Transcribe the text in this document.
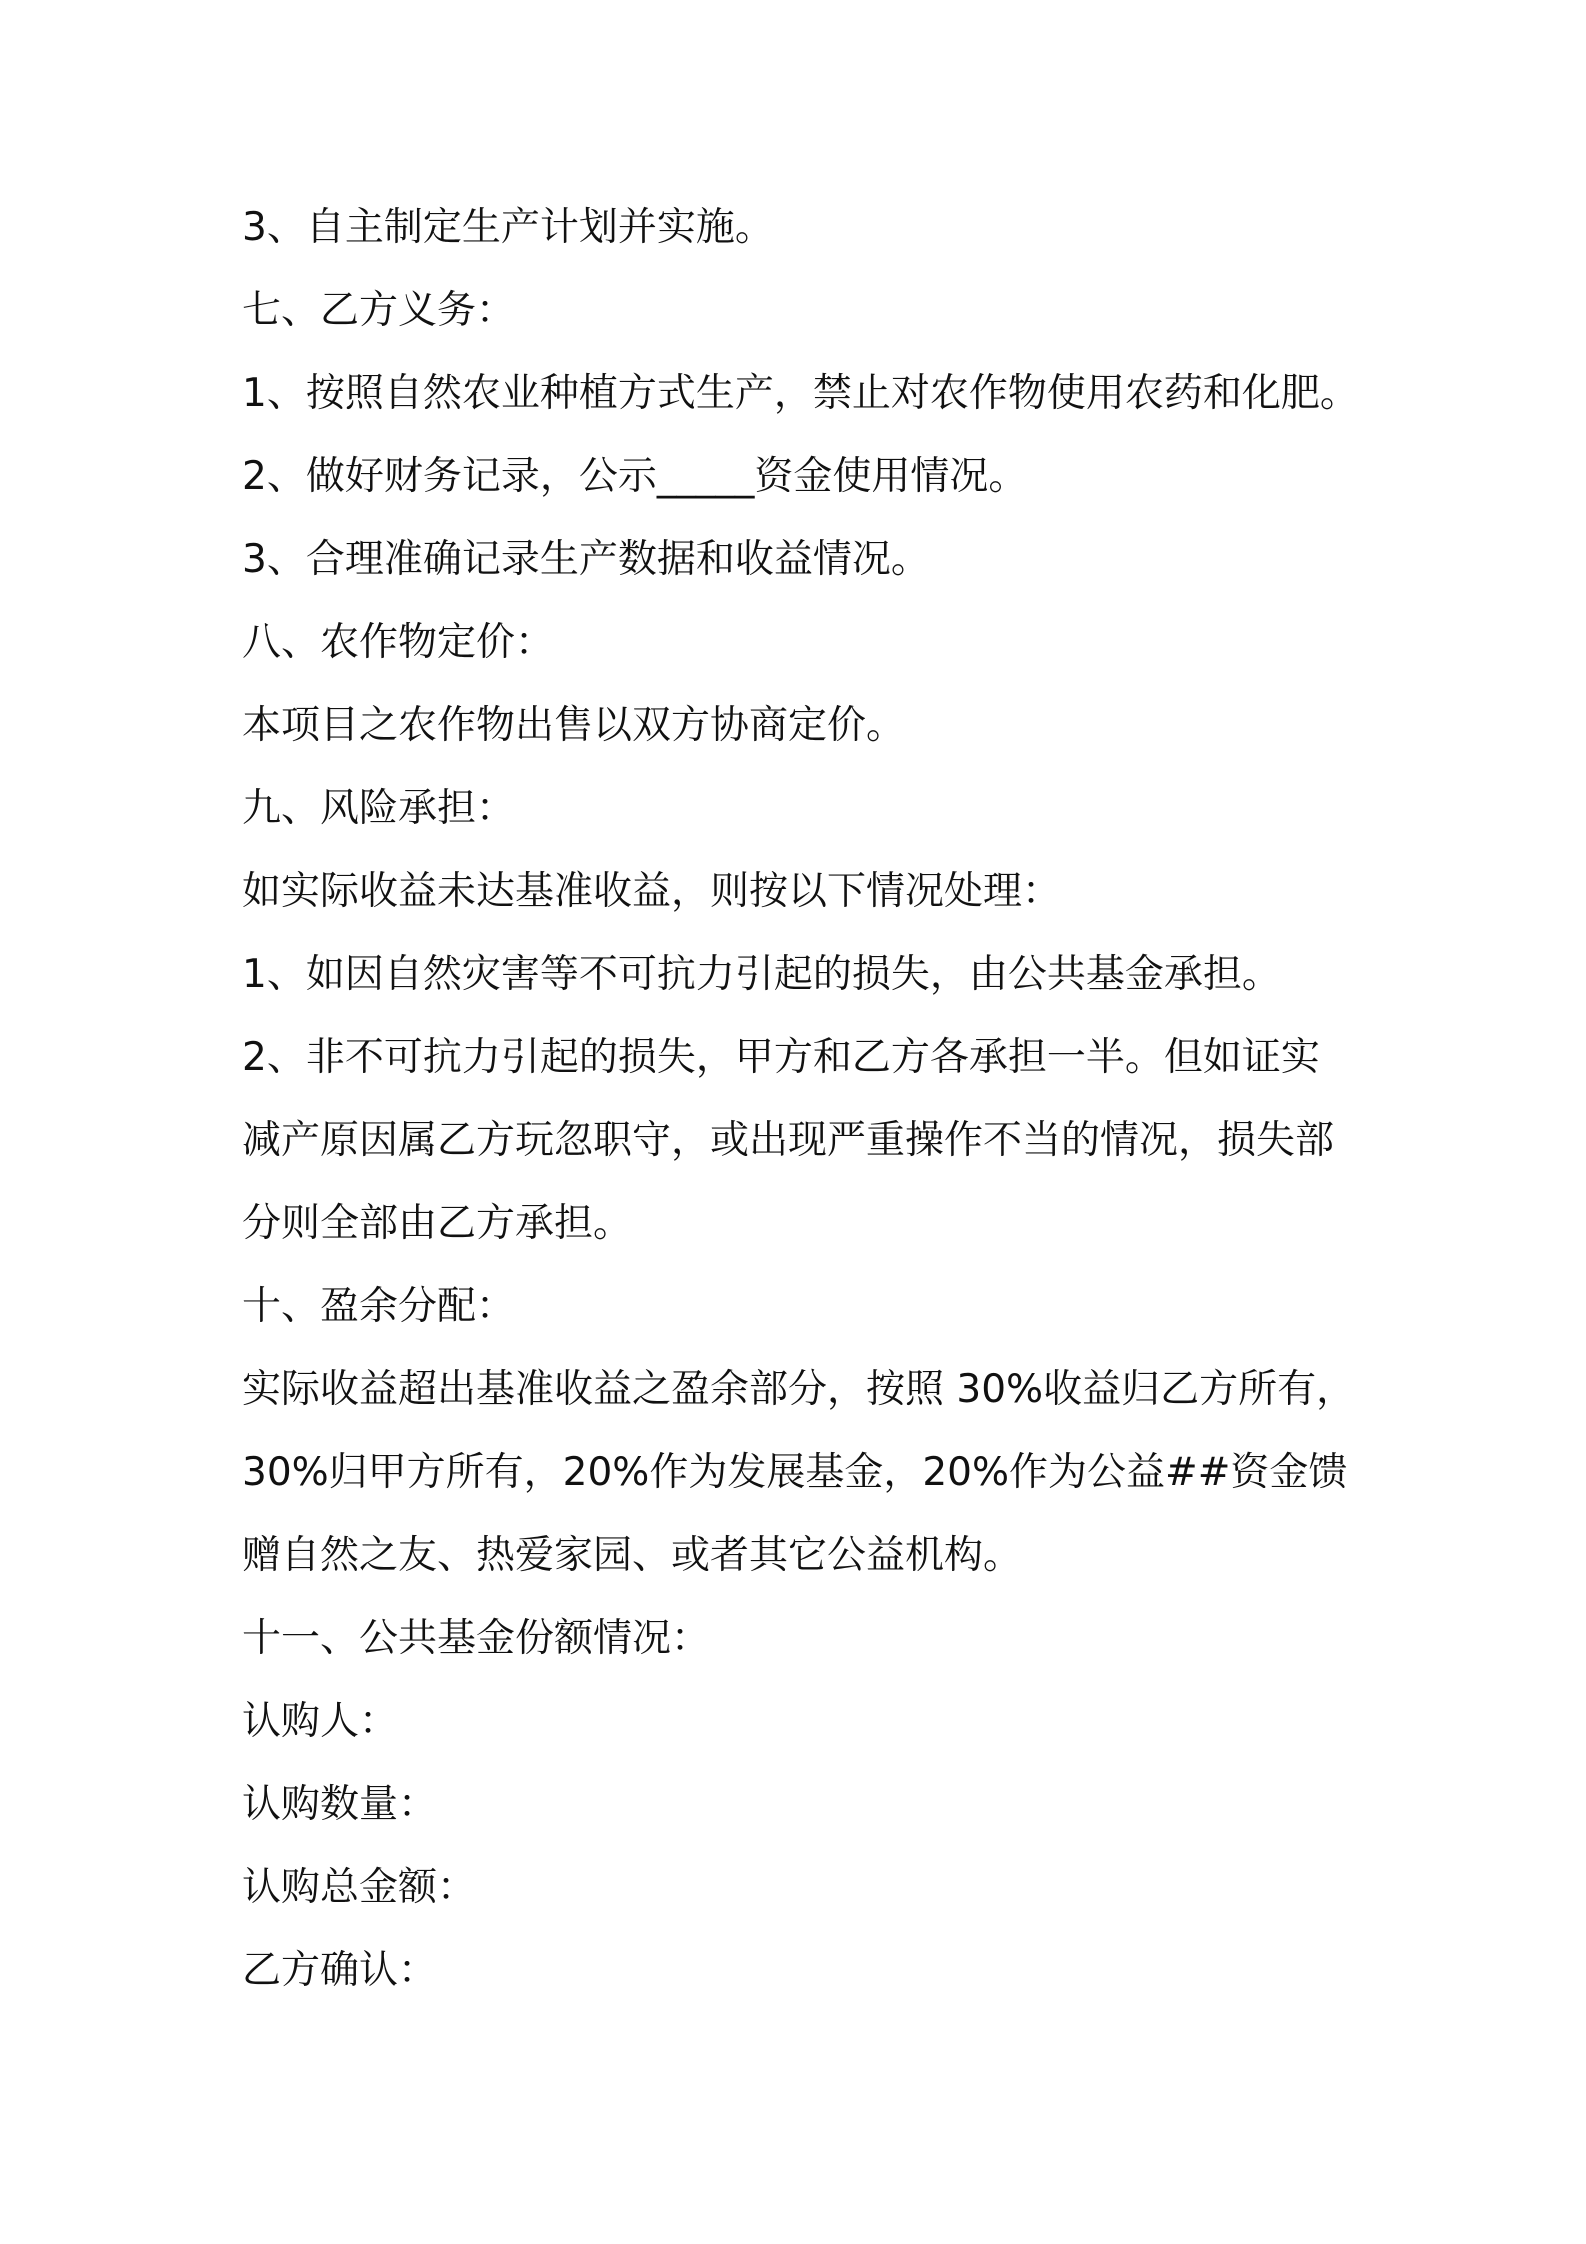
3、自主制定生产计划并实施。
七、乙方义务：
1、按照自然农业种植方式生产，禁止对农作物使用农药和化肥。
2、做好财务记录，公示_____资金使用情况。
3、合理准确记录生产数据和收益情况。
八、农作物定价：
本项目之农作物出售以双方协商定价。
九、风险承担：
如实际收益未达基准收益，则按以下情况处理：
1、如因自然灾害等不可抗力引起的损失，由公共基金承担。
2、非不可抗力引起的损失，甲方和乙方各承担一半。但如证实
减产原因属乙方玩忽职守，或出现严重操作不当的情况，损失部
分则全部由乙方承担。
十、盈余分配：
实际收益超出基准收益之盈余部分，按照 30%收益归乙方所有，
30%归甲方所有，20%作为发展基金，20%作为公益##资金馈
赠自然之友、热爱家园、或者其它公益机构。
十一、公共基金份额情况：
认购人：
认购数量：
认购总金额：
乙方确认：
